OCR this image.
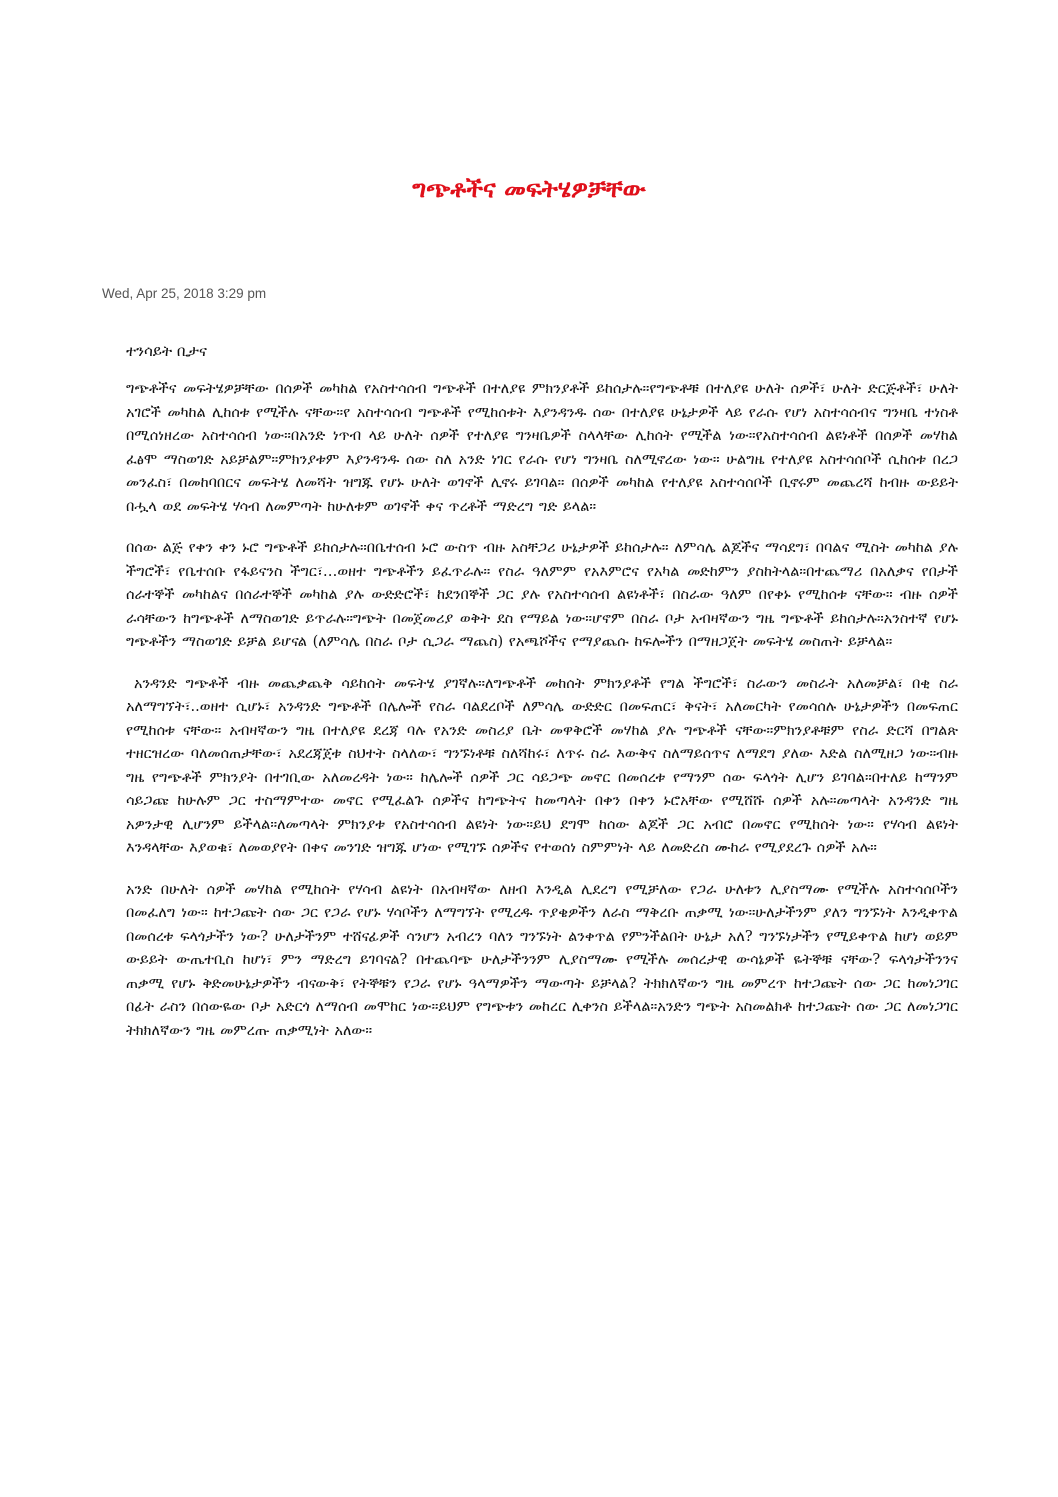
ግጭቶችና መፍትሄዎቻቸው

Wed, Apr 25, 2018 3:29 pm

ተንሳይት ቢታና

ግጭቶችና መፍትሄዎቻቸው በሰዎች መካከል የአስተሳሰብ ግጭቶች በተለያዩ ምክንያቶች ይከሰታሉ።የግጭቶቹ በተለያዩ ሁለት ሰዎች፣ ሁለት ድርጅቶች፣ ሁለት አገሮች መካከል ሊከሰቱ የሚችሉ ናቸው።የ አስተሳሰብ ግጭቶች የሚከሰቱት እያንዳንዱ ሰው በተለያዩ ሁኔታዎች ላይ የራሱ የሆነ አስተሳሰብና ግንዛቤ ተነስቶ በሚሰነዘረው አስተሳሰብ ነው።በአንድ ነጥብ ላይ ሁለት ሰዎች የተለያዩ ግንዛቤዎች ስላላቸው ሊከሰት የሚችል ነው።የአስተሳሰብ ልዩነቶች በሰዎች መሃከል ፈፅሞ ማስወገድ አይቻልም።ምክንያቱም እያንዳንዱ ሰው ስለ አንድ ነገር የራሱ የሆነ ግንዛቤ ስለሚኖረው ነው። ሁልግዜ የተለያዩ አስተሳሰቦች ሲከሰቱ በረጋ መንፈስ፣ በመከባበርና መፍትሄ ለመሻት ዝግጁ የሆኑ ሁለት ወገኖች ሊኖሩ ይገባል። በሰዎች መካከል የተለያዩ አስተሳሰቦች ቢኖሩም መጨረሻ ከብዙ ውይይት በሗላ ወደ መፍትሄ ሃሳብ ለመምጣት ከሁለቱም ወገኖች ቀና ጥረቶች ማድረግ ግድ ይላል።

በሰው ልጅ የቀን ቀን ኑሮ ግጭቶች ይከሰታሉ።በቤተሰብ ኑሮ ውስጥ ብዙ አስቸጋሪ ሁኔታዎች ይከሰታሉ። ለምሳሌ ልጆችና ማሳደግ፣ በባልና ሚስት መካከል ያሉ ችግሮች፣ የቤተሰቡ የፋይናንስ ችግር፣…ወዘተ ግጭቶችን ይፈጥራሉ። የስራ ዓለምም የአእምሮና የአካል መድከምን ያስከትላል።በተጨማሪ በአለቃና የበታች ሰራተኞች መካከልና በሰራተኞች መካከል ያሉ ውድድሮች፣ ከደንበኞች ጋር ያሉ የአስተሳሰብ ልዩነቶች፣ በስራው ዓለም በየቀኑ የሚከሰቱ ናቸው። ብዙ ሰዎች ራሳቸውን ከግጭቶች ለማስወገድ ይጥራሉ።ግጭት በመጀመሪያ ወቅት ደስ የማይል ነው።ሆኖም በስራ ቦታ አብዛኛውን ግዜ ግጭቶች ይከሰታሉ።አንስተኛ የሆኑ ግጭቶችን ማስወገድ ይቻል ይሆናል (ለምሳሌ በስራ ቦታ ሲጋራ ማጨስ) የአጫሾችና የማያጨሱ ከፍሎችን በማዘጋጀት መፍትሄ መስጠት ይቻላል።

አንዳንድ ግጭቶች ብዙ መጨቃጨቅ ሳይከሰት መፍትሄ ያገኛሉ።ለግጭቶች መከሰት ምክንያቶች የግል ችግሮች፣ ስራውን መስራት አለመቻል፣ በቂ ስራ አለማግኘት፣..ወዘተ ሲሆኑ፣ አንዳንድ ግጭቶች በሌሎች የስራ ባልደረቦች ለምሳሌ ውድድር በመፍጠር፣ ቅናት፣ አለመርካት የመሳሰሉ ሁኔታዎችን በመፍጠር የሚከሰቱ ናቸው። አብዛኛውን ግዜ በተለያዩ ደረጃ ባሉ የአንድ መስሪያ ቤት መዋቅሮች መሃከል ያሉ ግጭቶች ናቸው።ምክንያቶቹም የስራ ድርሻ በግልጽ ተዘርዝረው ባለመሰጠታቸው፣ አደረጃጀቱ ስህተት ስላለው፣ ግንኙነቶቹ ስለሻከሩ፣ ለጥሩ ስራ እውቅና ስለማይሰጥና ለማደግ ያለው እድል ስለሚዘጋ ነው።ብዙ ግዜ የግጭቶች ምክንያት በተገቢው አለመረዳት ነው። ከሌሎች ሰዎች ጋር ሳይጋጭ መኖር በመሰረቱ የማንም ሰው ፍላጎት ሊሆን ይገባል።በተለይ ከማንም ሳይጋጩ ከሁሉም ጋር ተስማምተው መኖር የሚፈልጉ ሰዎችና ከግጭትና ከመጣላት በቀን በቀን ኑሮአቸው የሚሸሹ ሰዎች አሉ።መጣላት አንዳንድ ግዜ አዎንታዊ ሊሆንም ይችላል።ለመጣላት ምክንያቱ የአስተሳሰብ ልዩነት ነው።ይህ ደግሞ ከሰው ልጆች ጋር አብሮ በመኖር የሚከሰት ነው። የሃሳብ ልዩነት እንዳላቸው እያወቁ፣ ለመወያየት በቀና መንገድ ዝግጁ ሆነው የሚገኙ ሰዎችና የተወሰነ ስምምነት ላይ ለመድረስ ሙከራ የሚያደረጉ ሰዎች አሉ።

አንድ በሁለት ሰዎች መሃከል የሚከሰት የሃሳብ ልዩነት በአብዛኛው ለዘብ እንዲል ሊደረግ የሚቻለው የጋራ ሁለቱን ሊያስማሙ የሚችሉ አስተሳሰቦችን በመፈለግ ነው። ከተጋጩት ሰው ጋር የጋራ የሆኑ ሃሳቦችን ለማግኘት የሚረዱ ጥያቄዎችን ለራስ ማቅረቡ ጠቃሚ ነው።ሁለታችንም ያለን ግንኙነት እንዲቀጥል በመሰረቱ ፍላጎታችን ነው? ሁለታችንም ተሸናፊዎች ሳንሆን አብረን ባለን ግንኙነት ልንቀጥል የምንችልበት ሁኔታ አለ? ግንኙነታችን የሚይቀጥል ከሆነ ወይም ውይይት ውጤተቢስ ከሆነ፣ ምን ማድረግ ይገባናል? በተጨባጭ ሁለታችንንም ሊያስማሙ የሚችሉ መሰረታዊ ውሳኔዎች ዬትኞቹ ናቸው? ፍላጎታችንንና ጠቃሚ የሆኑ ቅድመሁኔታዎችን ብናውቅ፣ የትኞቹን የጋራ የሆኑ ዓላማዎችን ማውጣት ይቻላል? ትክክለኛውን ግዜ መምረጥ ከተጋጩት ሰው ጋር ከመነጋገር በፊት ራስን በሰውዬው ቦታ አድርጎ ለማሰብ መሞከር ነው።ይህም የግጭቱን መከረር ሊቀንስ ይችላል።አንድን ግጭት አስመልክቶ ከተጋጩት ሰው ጋር ለመነጋገር ትክክለኛውን ግዜ መምረጡ ጠቃሚነት አለው።
